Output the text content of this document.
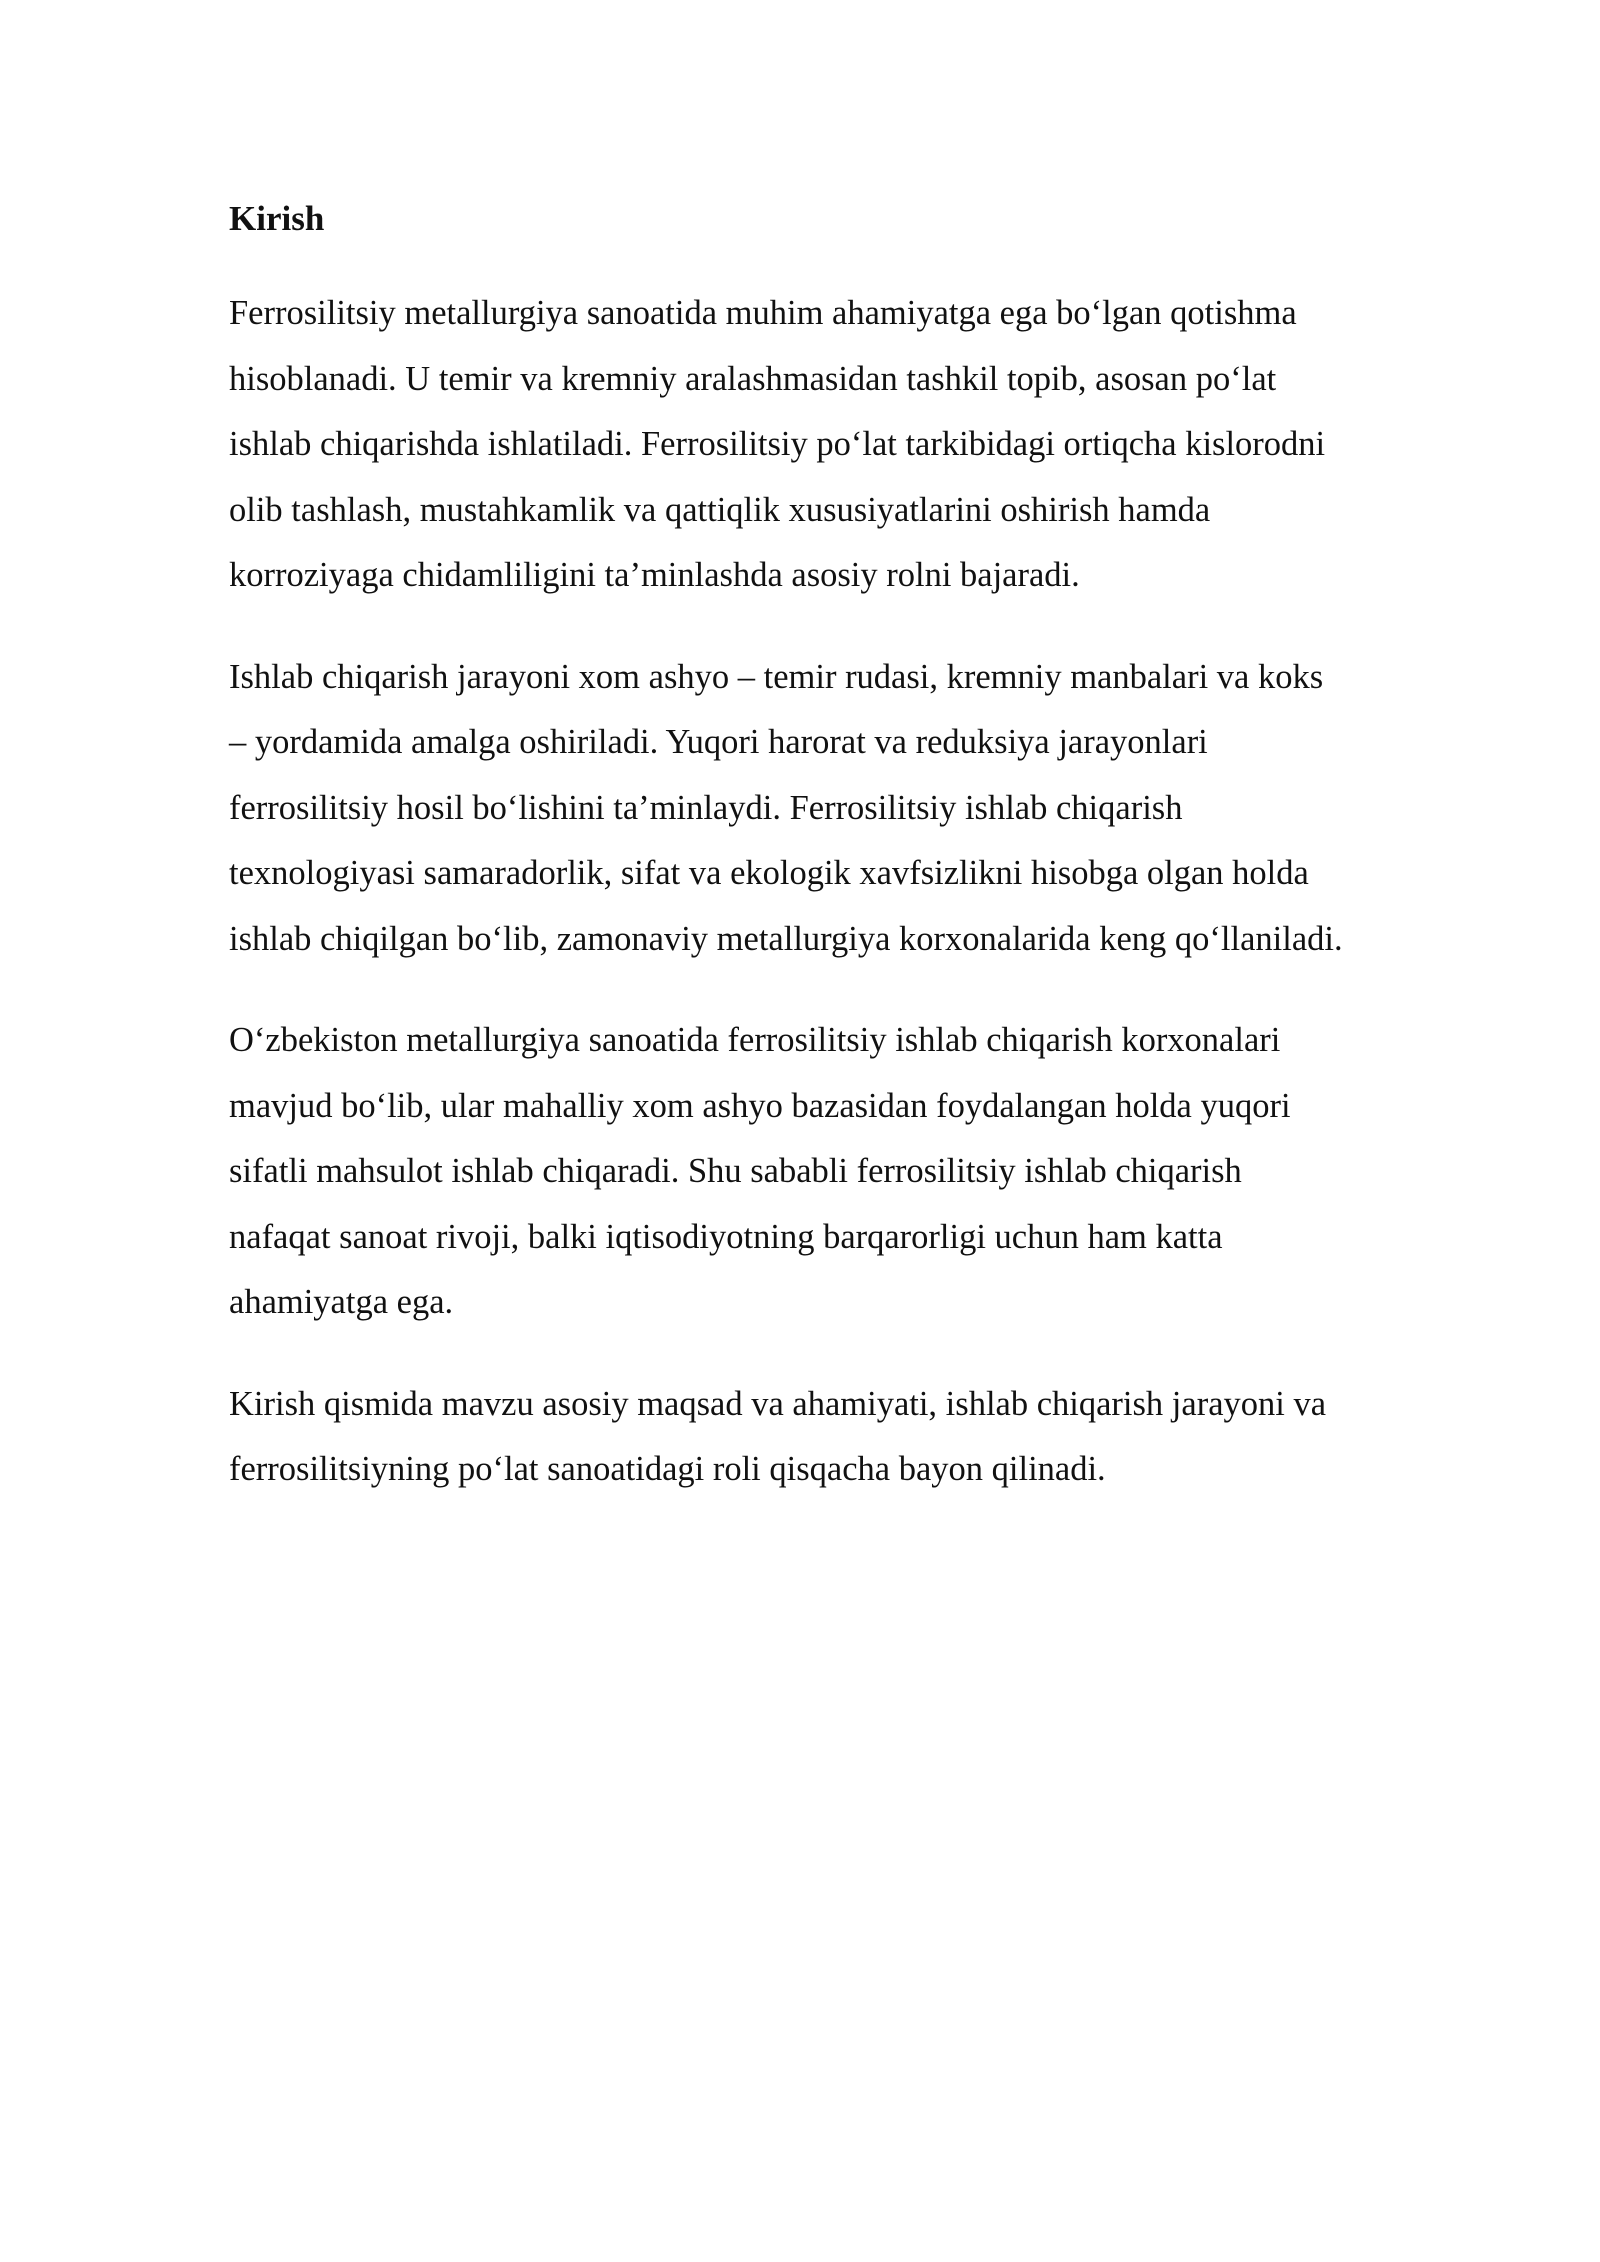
Kirish

Ferrosilitsiy metallurgiya sanoatida muhim ahamiyatga ega bo‘lgan qotishma
hisoblanadi. U temir va kremniy aralashmasidan tashkil topib, asosan po‘lat
ishlab chiqarishda ishlatiladi. Ferrosilitsiy po‘lat tarkibidagi ortiqcha kislorodni
olib tashlash, mustahkamlik va qattiqlik xususiyatlarini oshirish hamda
korroziyaga chidamliligini ta’minlashda asosiy rolni bajaradi.

Ishlab chiqarish jarayoni xom ashyo – temir rudasi, kremniy manbalari va koks
– yordamida amalga oshiriladi. Yuqori harorat va reduksiya jarayonlari
ferrosilitsiy hosil bo‘lishini ta’minlaydi. Ferrosilitsiy ishlab chiqarish
texnologiyasi samaradorlik, sifat va ekologik xavfsizlikni hisobga olgan holda
ishlab chiqilgan bo‘lib, zamonaviy metallurgiya korxonalarida keng qo‘llaniladi.

O‘zbekiston metallurgiya sanoatida ferrosilitsiy ishlab chiqarish korxonalari
mavjud bo‘lib, ular mahalliy xom ashyo bazasidan foydalangan holda yuqori
sifatli mahsulot ishlab chiqaradi. Shu sababli ferrosilitsiy ishlab chiqarish
nafaqat sanoat rivoji, balki iqtisodiyotning barqarorligi uchun ham katta
ahamiyatga ega.

Kirish qismida mavzu asosiy maqsad va ahamiyati, ishlab chiqarish jarayoni va
ferrosilitsiyning po‘lat sanoatidagi roli qisqacha bayon qilinadi.
